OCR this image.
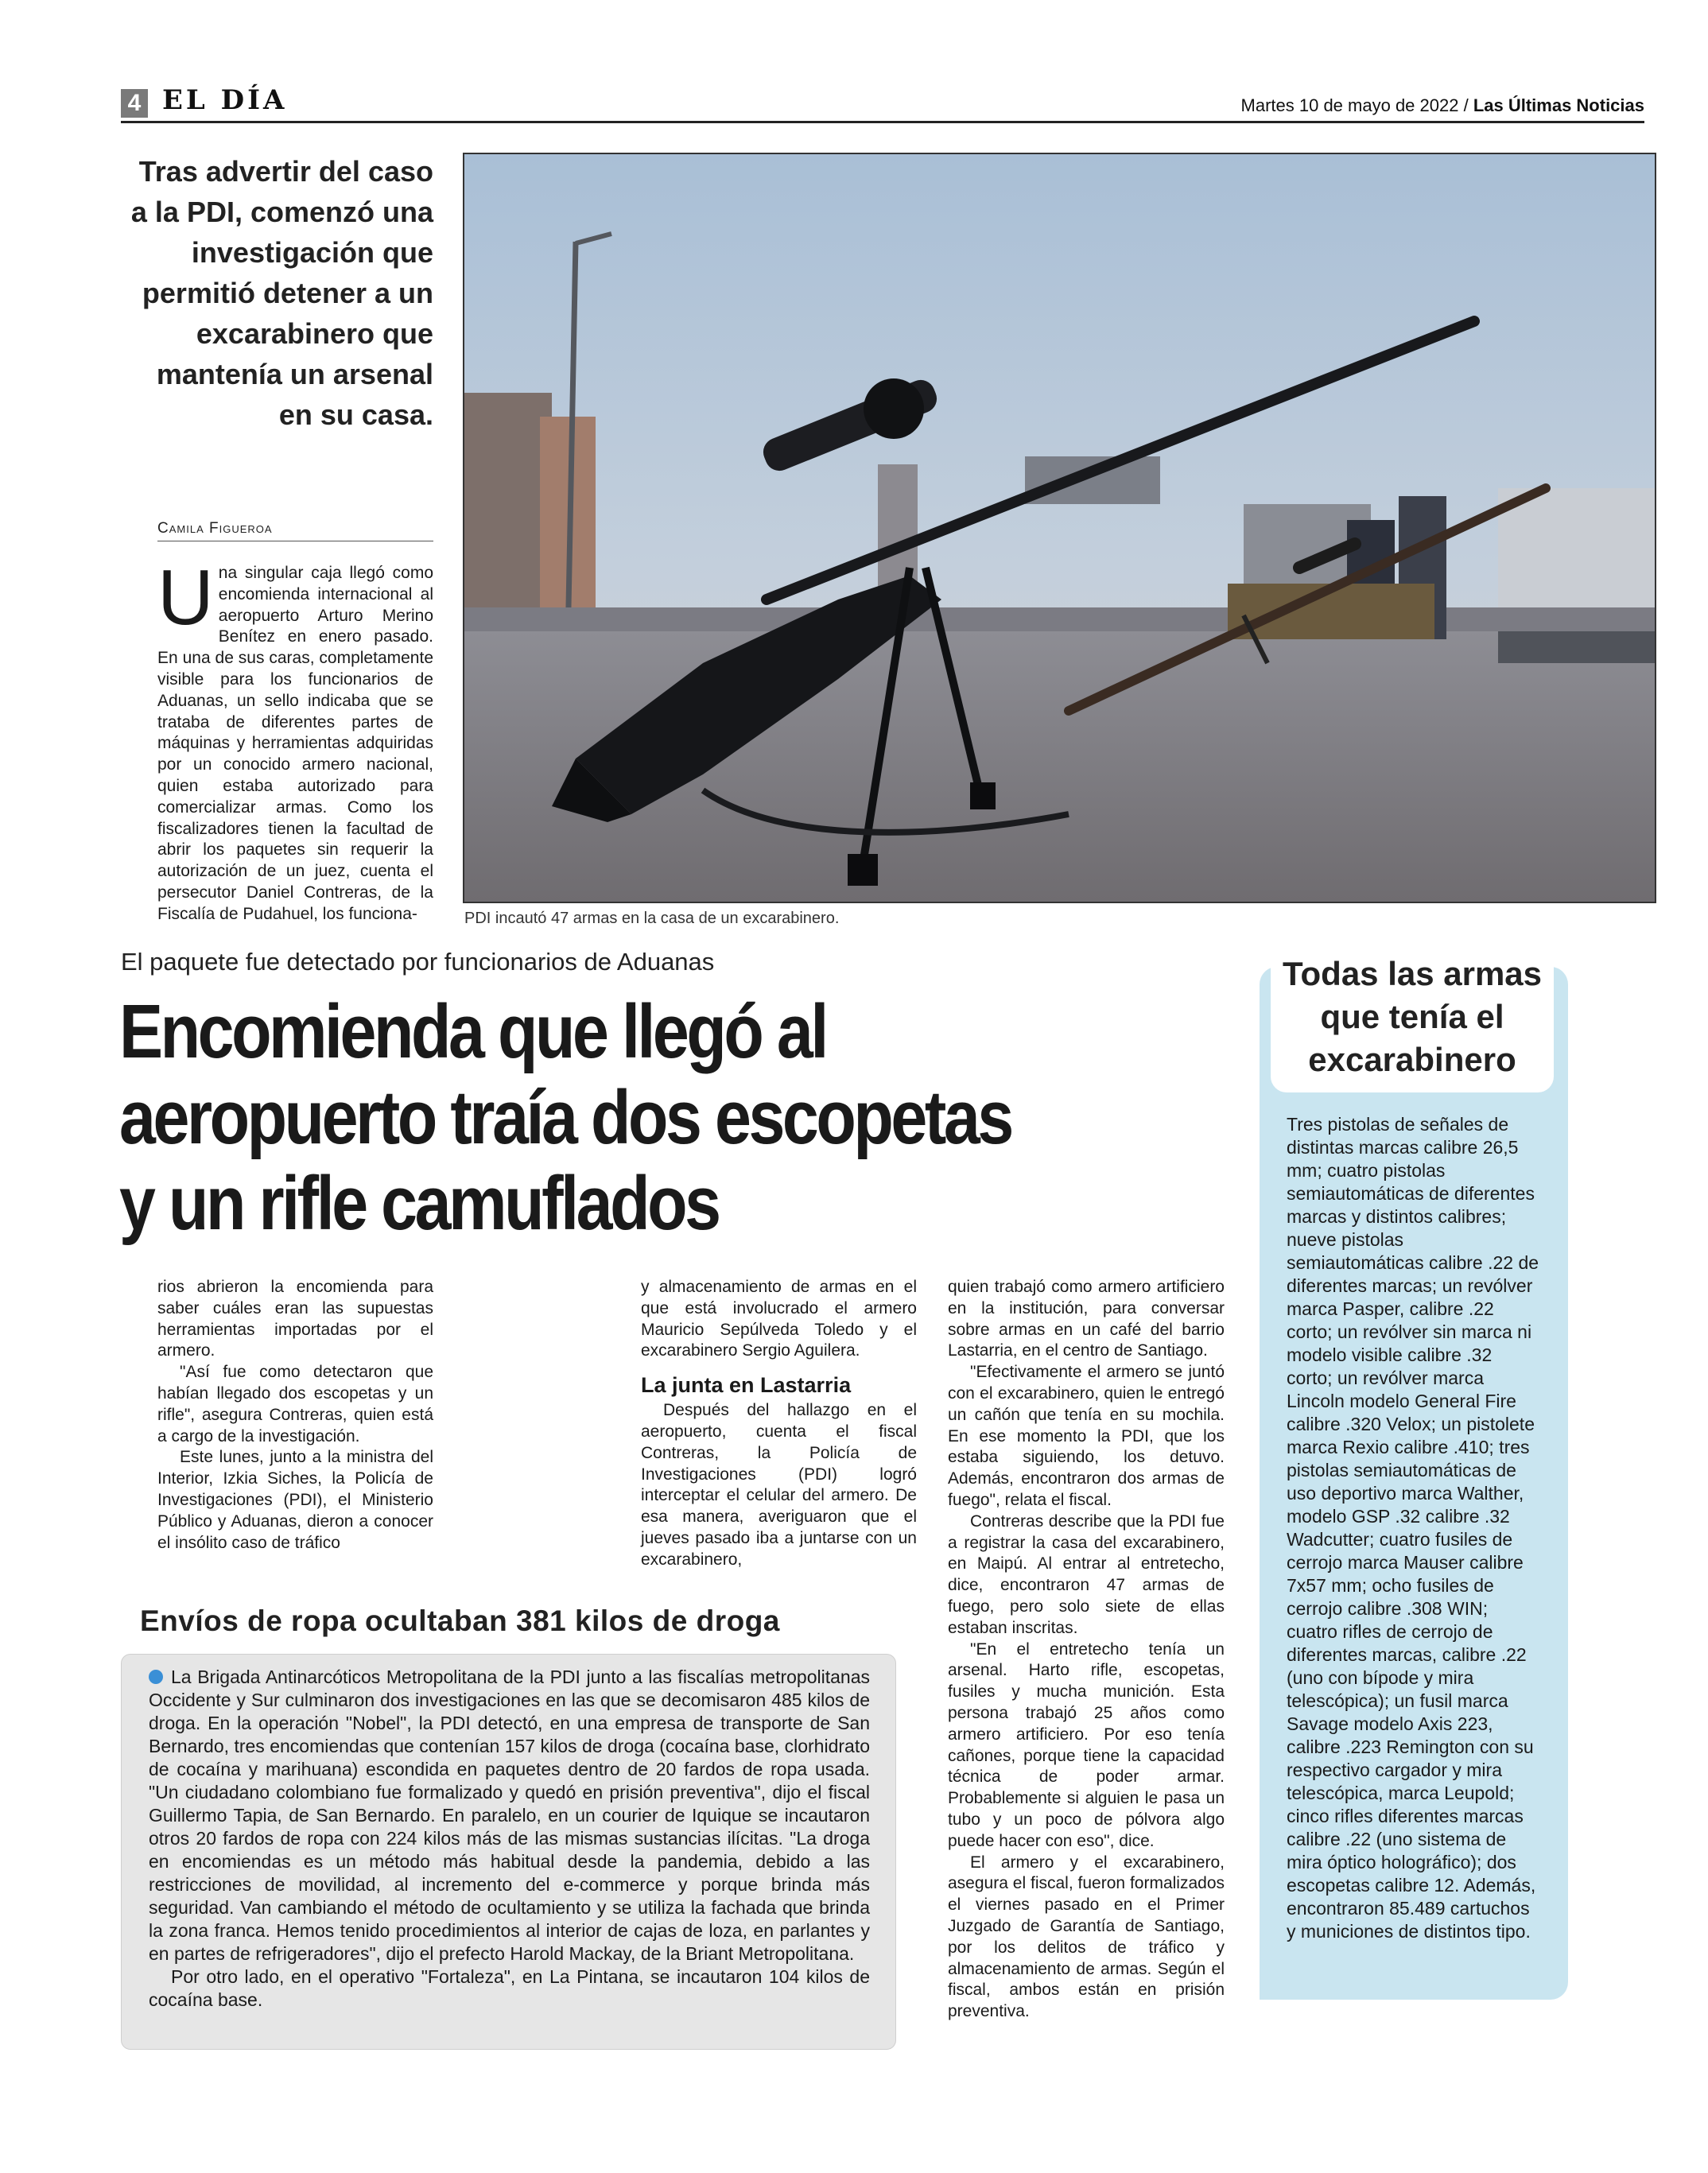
4 EL DÍA	Martes 10 de mayo de 2022 / Las Últimas Noticias
Tras advertir del caso a la PDI, comenzó una investigación que permitió detener a un excarabinero que mantenía un arsenal en su casa.
Camila Figueroa
U na singular caja llegó como encomienda internacional al aeropuerto Arturo Merino Benítez en enero pasado. En una de sus caras, completamente visible para los funcionarios de Aduanas, un sello indicaba que se trataba de diferentes partes de máquinas y herramientas adquiridas por un conocido armero nacional, quien estaba autorizado para comercializar armas. Como los fiscalizadores tienen la facultad de abrir los paquetes sin requerir la autorización de un juez, cuenta el persecutor Daniel Contreras, de la Fiscalía de Pudahuel, los funciona-	PDI incautó 47 armas en la casa de un excarabinero.
El paquete fue detectado por funcionarios de Aduanas
Encomienda que llegó al
aeropuerto traía dos escopetas
y un rifle camuflados

rios abrieron la encomienda para saber cuáles eran las supuestas herramientas importadas por el armero.

"Así fue como detectaron que habían llegado dos escopetas y un rifle", asegura Contreras, quien está a cargo de la investigación.

Este lunes, junto a la ministra del Interior, Izkia Siches, la Policía de Investigaciones (PDI), el Ministerio Público y Aduanas, dieron a conocer el insólito caso de tráfico

y almacenamiento de armas en el que está involucrado el armero Mauricio Sepúlveda Toledo y el excarabinero Sergio Aguilera.

La junta en Lastarria

Después del hallazgo en el aeropuerto, cuenta el fiscal Contreras, la Policía de Investigaciones (PDI) logró interceptar el celular del armero. De esa manera, averiguaron que el jueves pasado iba a juntarse con un excarabinero,

quien trabajó como armero artificiero en la institución, para conversar sobre armas en un café del barrio Lastarria, en el centro de Santiago.

"Efectivamente el armero se juntó con el excarabinero, quien le entregó un cañón que tenía en su mochila. En ese momento la PDI, que los estaba siguiendo, los detuvo. Además, encontraron dos armas de fuego", relata el fiscal.

Contreras describe que la PDI fue a registrar la casa del excarabinero, en Maipú. Al entrar al entretecho, dice, encontraron 47 armas de fuego, pero solo siete de ellas estaban inscritas.

"En el entretecho tenía un arsenal. Harto rifle, escopetas, fusiles y mucha munición. Esta persona trabajó 25 años como armero artificiero. Por eso tenía cañones, porque tiene la capacidad técnica de poder armar. Probablemente si alguien le pasa un tubo y un poco de pólvora algo puede hacer con eso", dice.

El armero y el excarabinero, asegura el fiscal, fueron formalizados el viernes pasado en el Primer Juzgado de Garantía de Santiago, por los delitos de tráfico y almacenamiento de armas. Según el fiscal, ambos están en prisión preventiva.

Envíos de ropa ocultaban 381 kilos de droga

La Brigada Antinarcóticos Metropolitana de la PDI junto a las fiscalías metropolitanas Occidente y Sur culminaron dos investigaciones en las que se decomisaron 485 kilos de droga. En la operación "Nobel", la PDI detectó, en una empresa de transporte de San Bernardo, tres encomiendas que contenían 157 kilos de droga (cocaína base, clorhidrato de cocaína y marihuana) escondida en paquetes dentro de 20 fardos de ropa usada. "Un ciudadano colombiano fue formalizado y quedó en prisión preventiva", dijo el fiscal Guillermo Tapia, de San Bernardo. En paralelo, en un courier de Iquique se incautaron otros 20 fardos de ropa con 224 kilos más de las mismas sustancias ilícitas. "La droga en encomiendas es un método más habitual desde la pandemia, debido a las restricciones de movilidad, al incremento del e-commerce y porque brinda más seguridad. Van cambiando el método de ocultamiento y se utiliza la fachada que brinda la zona franca. Hemos tenido procedimientos al interior de cajas de loza, en parlantes y en partes de refrigeradores", dijo el prefecto Harold Mackay, de la Briant Metropolitana.

Por otro lado, en el operativo "Fortaleza", en La Pintana, se incautaron 104 kilos de cocaína base.

Todas las armas
que tenía el
excarabinero
Tres pistolas de señales de distintas marcas calibre 26,5 mm; cuatro pistolas semiautomáticas de diferentes marcas y distintos calibres; nueve pistolas semiautomáticas calibre .22 de diferentes marcas; un revólver marca Pasper, calibre .22 corto; un revólver sin marca ni modelo visible calibre .32 corto; un revólver marca Lincoln modelo General Fire calibre .320 Velox; un pistolete marca Rexio calibre .410; tres pistolas semiautomáticas de uso deportivo marca Walther, modelo GSP .32 calibre .32 Wadcutter; cuatro fusiles de cerrojo marca Mauser calibre 7x57 mm; ocho fusiles de cerrojo calibre .308 WIN; cuatro rifles de cerrojo de diferentes marcas, calibre .22 (uno con bípode y mira telescópica); un fusil marca Savage modelo Axis 223, calibre .223 Remington con su respectivo cargador y mira telescópica, marca Leupold; cinco rifles diferentes marcas calibre .22 (uno sistema de mira óptico holográfico); dos escopetas calibre 12. Además, encontraron 85.489 cartuchos y municiones de distintos tipo.
